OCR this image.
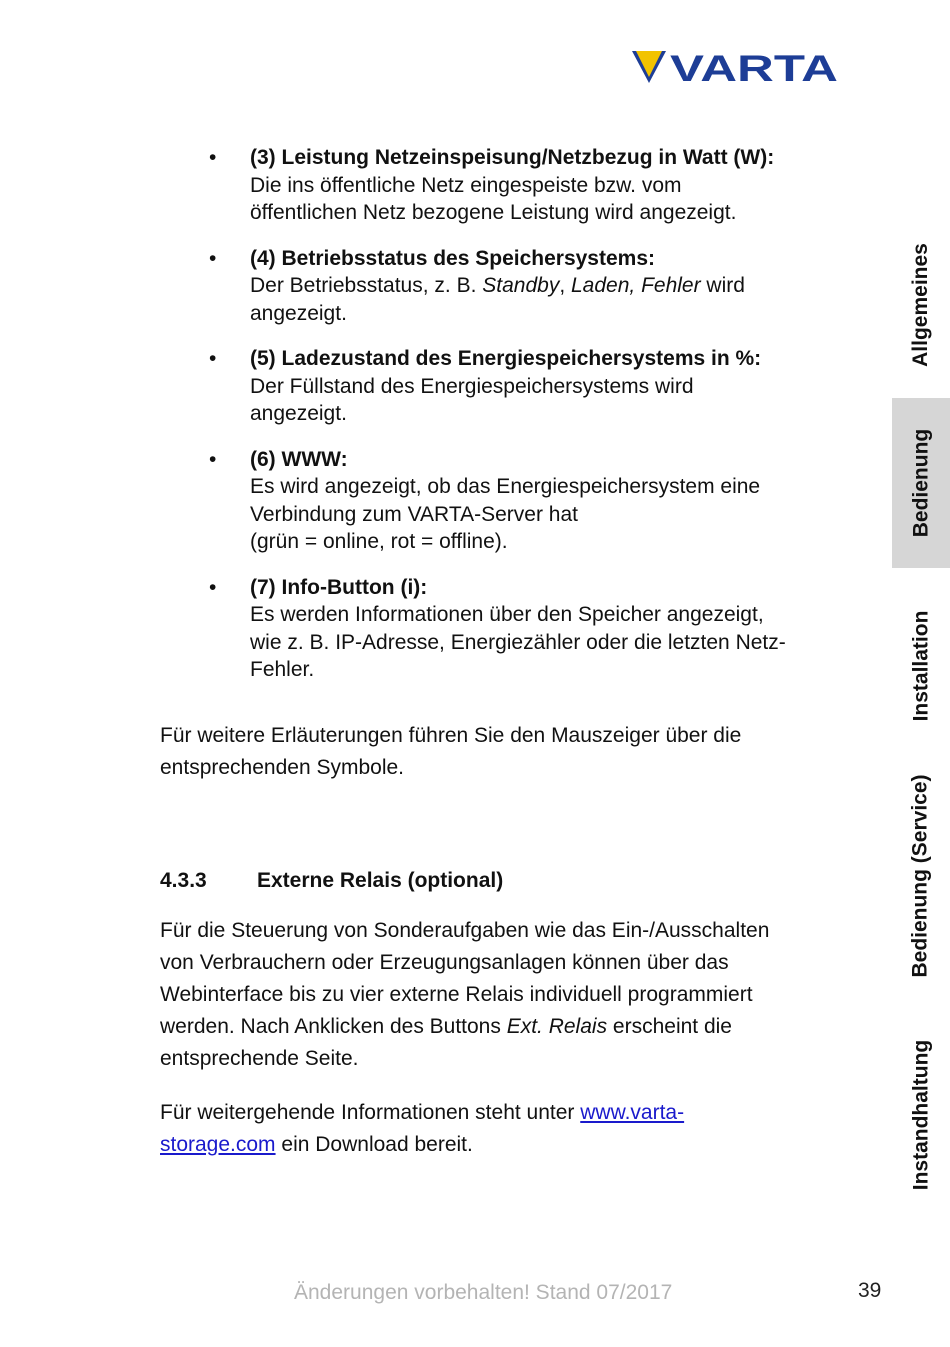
VARTA
• (3) Leistung Netzeinspeisung/Netzbezug in Watt (W):
Die ins öffentliche Netz eingespeiste bzw. vom
öffentlichen Netz bezogene Leistung wird angezeigt.
• (4) Betriebsstatus des Speichersystems:
Der Betriebsstatus, z. B. Standby, Laden, Fehler wird
angezeigt.
• (5) Ladezustand des Energiespeichersystems in %:
Der Füllstand des Energiespeichersystems wird
angezeigt.
• (6) WWW:
Es wird angezeigt, ob das Energiespeichersystem eine
Verbindung zum VARTA-Server hat
(grün = online, rot = offline).
• (7) Info-Button (i):
Es werden Informationen über den Speicher angezeigt,
wie z. B. IP-Adresse, Energiezähler oder die letzten Netz-
Fehler.

Für weitere Erläuterungen führen Sie den Mauszeiger über die
entsprechenden Symbole.

4.3.3 Externe Relais (optional)

Für die Steuerung von Sonderaufgaben wie das Ein-/Ausschalten
von Verbrauchern oder Erzeugungsanlagen können über das
Webinterface bis zu vier externe Relais individuell programmiert
werden. Nach Anklicken des Buttons Ext. Relais erscheint die
entsprechende Seite.

Für weitergehende Informationen steht unter www.varta-
storage.com ein Download bereit.

Allgemeines
Bedienung
Installation
Bedienung (Service)
Instandhaltung
Änderungen vorbehalten! Stand 07/2017	39
